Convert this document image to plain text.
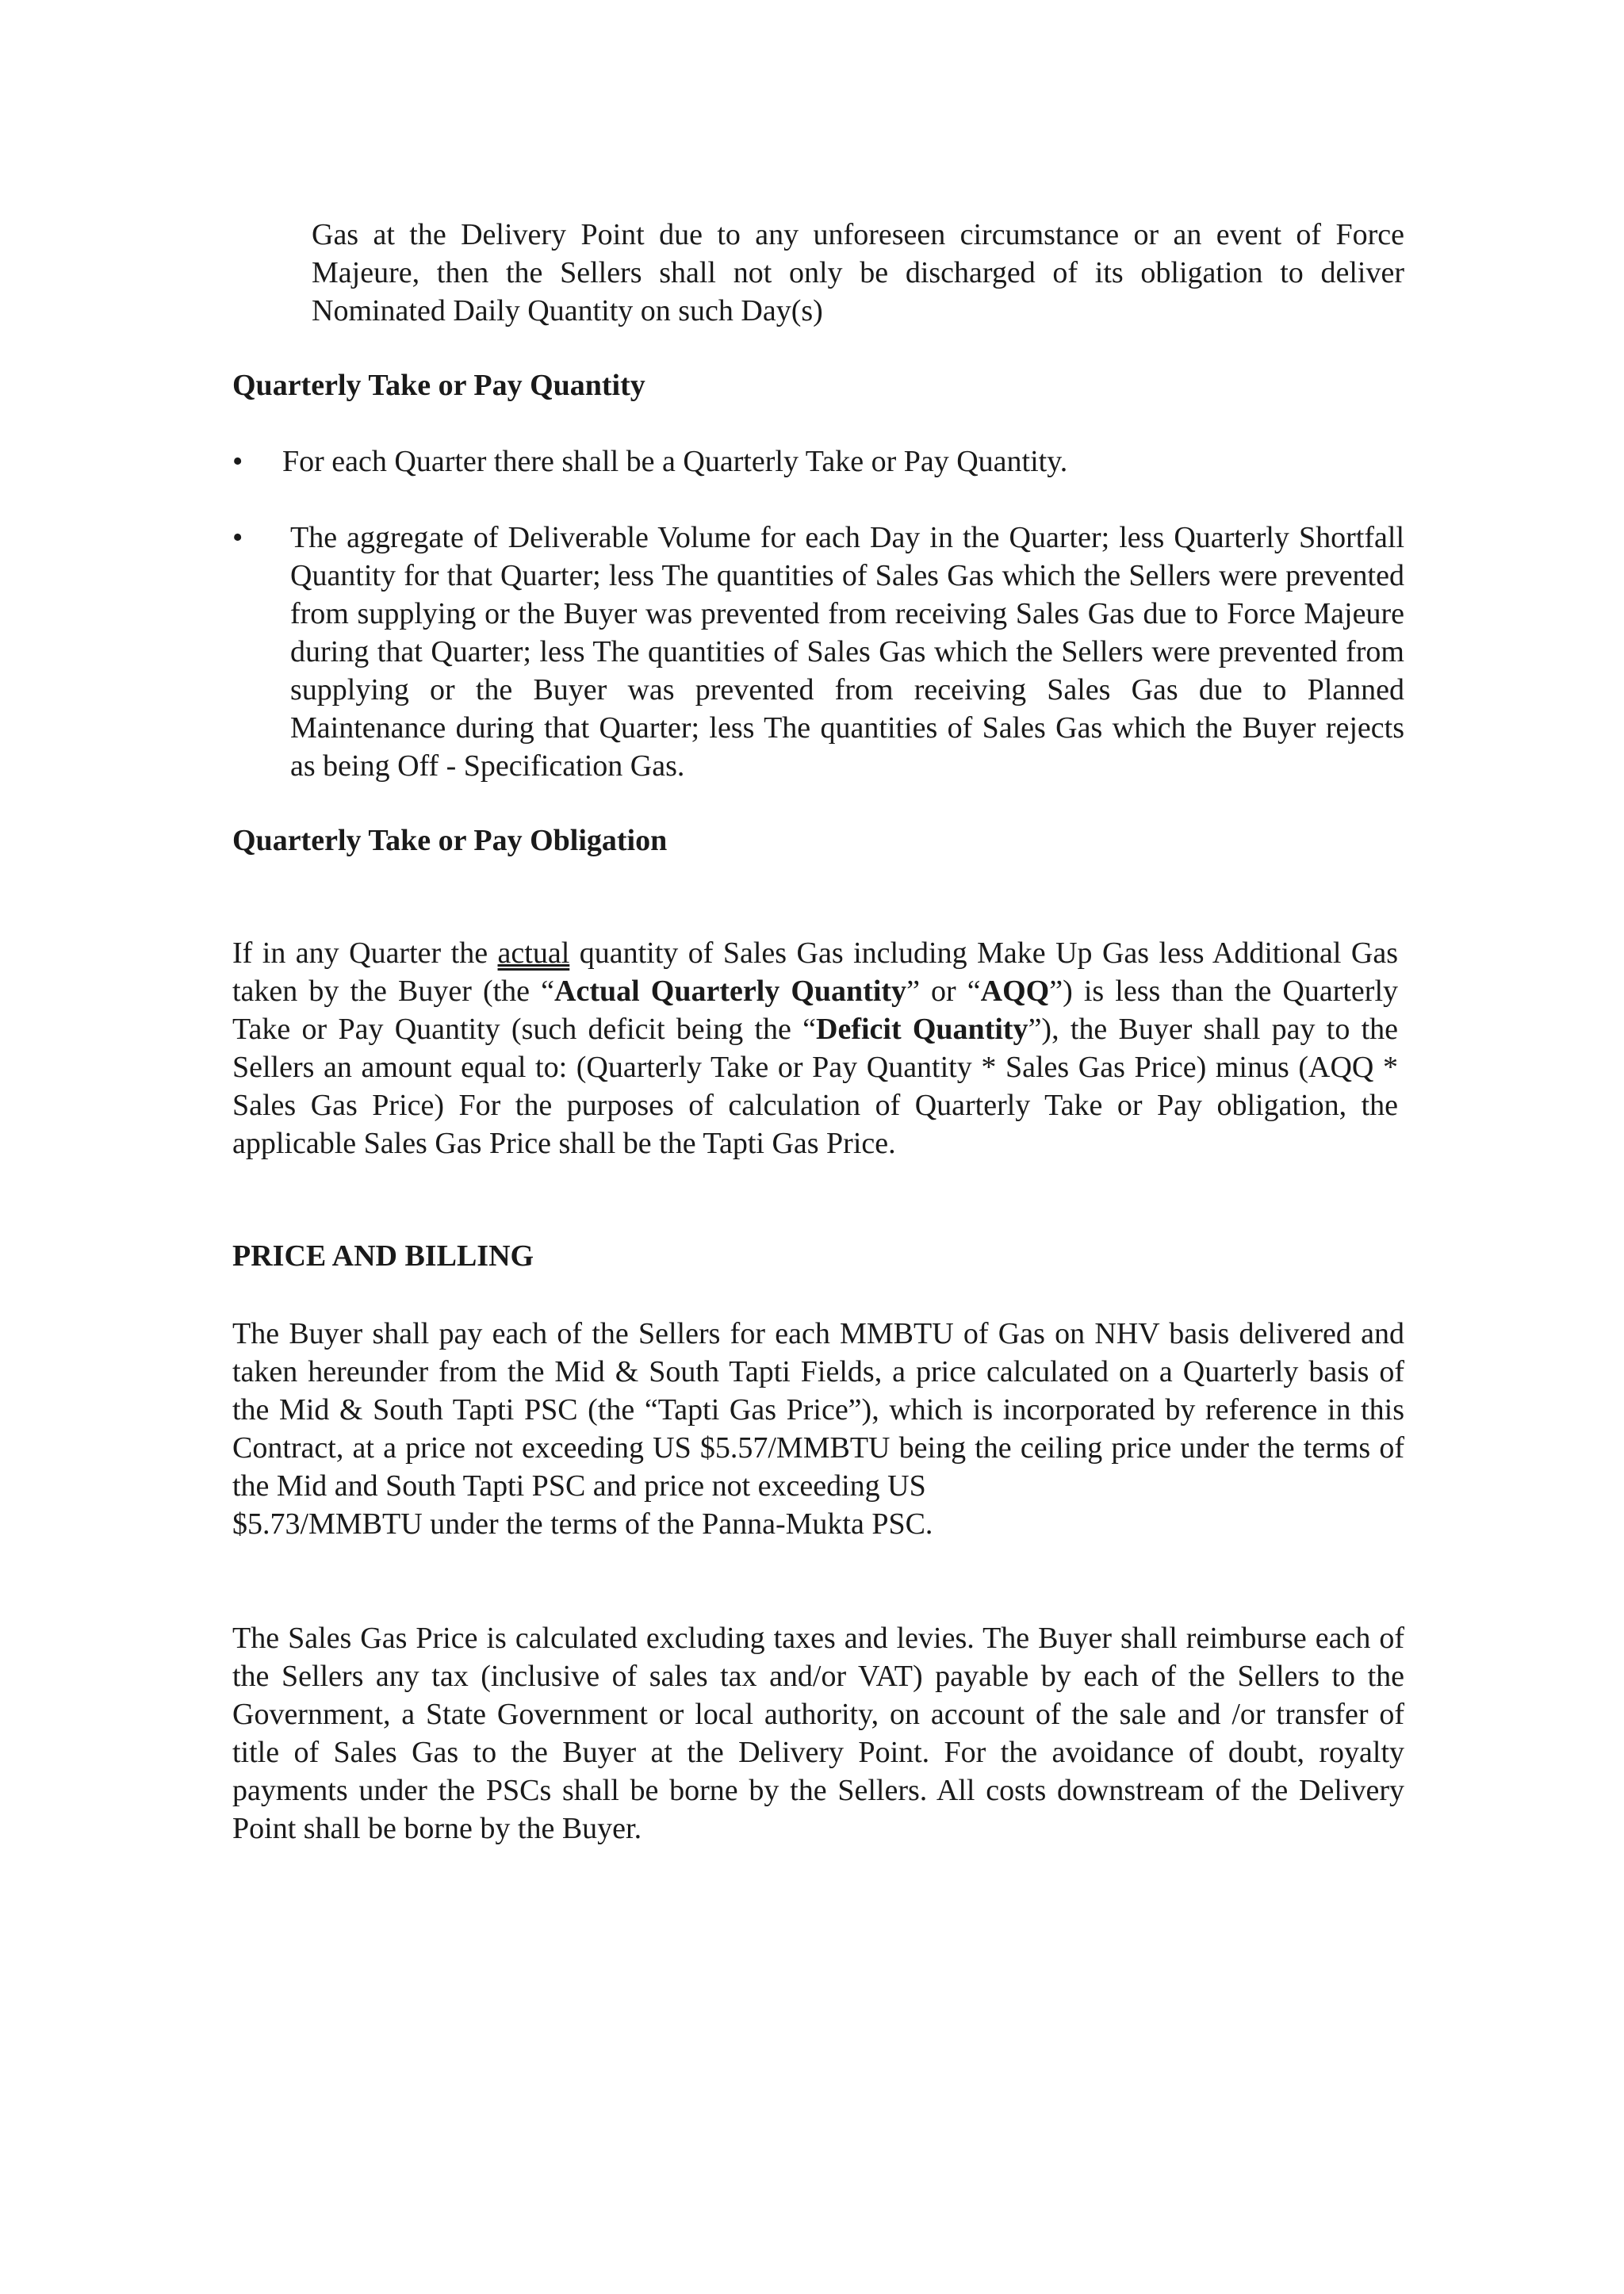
Gas at the Delivery Point due to any unforeseen circumstance or an event of Force Majeure, then the Sellers shall not only be discharged of its obligation to deliver Nominated Daily Quantity on such Day(s)
Quarterly Take or Pay Quantity
• For each Quarter there shall be a Quarterly Take or Pay Quantity.
• The aggregate of Deliverable Volume for each Day in the Quarter; less Quarterly Shortfall Quantity for that Quarter; less The quantities of Sales Gas which the Sellers were prevented from supplying or the Buyer was prevented from receiving Sales Gas due to Force Majeure during that Quarter; less The quantities of Sales Gas which the Sellers were prevented from supplying or the Buyer was prevented from receiving Sales Gas due to Planned Maintenance during that Quarter; less The quantities of Sales Gas which the Buyer rejects as being Off - Specification Gas.
Quarterly Take or Pay Obligation
If in any Quarter the actual quantity of Sales Gas including Make Up Gas less Additional Gas taken by the Buyer (the “Actual Quarterly Quantity” or “AQQ”) is less than the Quarterly Take or Pay Quantity (such deficit being the “Deficit Quantity”), the Buyer shall pay to the Sellers an amount equal to: (Quarterly Take or Pay Quantity * Sales Gas Price) minus (AQQ * Sales Gas Price) For the purposes of calculation of Quarterly Take or Pay obligation, the applicable Sales Gas Price shall be the Tapti Gas Price.
PRICE AND BILLING
The Buyer shall pay each of the Sellers for each MMBTU of Gas on NHV basis delivered and taken hereunder from the Mid & South Tapti Fields, a price calculated on a Quarterly basis of the Mid & South Tapti PSC (the “Tapti Gas Price”), which is incorporated by reference in this Contract, at a price not exceeding US $5.57/MMBTU being the ceiling price under the terms of the Mid and South Tapti PSC and price not exceeding US
$5.73/MMBTU under the terms of the Panna-Mukta PSC.
The Sales Gas Price is calculated excluding taxes and levies. The Buyer shall reimburse each of the Sellers any tax (inclusive of sales tax and/or VAT) payable by each of the Sellers to the Government, a State Government or local authority, on account of the sale and /or transfer of title of Sales Gas to the Buyer at the Delivery Point. For the avoidance of doubt, royalty payments under the PSCs shall be borne by the Sellers. All costs downstream of the Delivery Point shall be borne by the Buyer.
